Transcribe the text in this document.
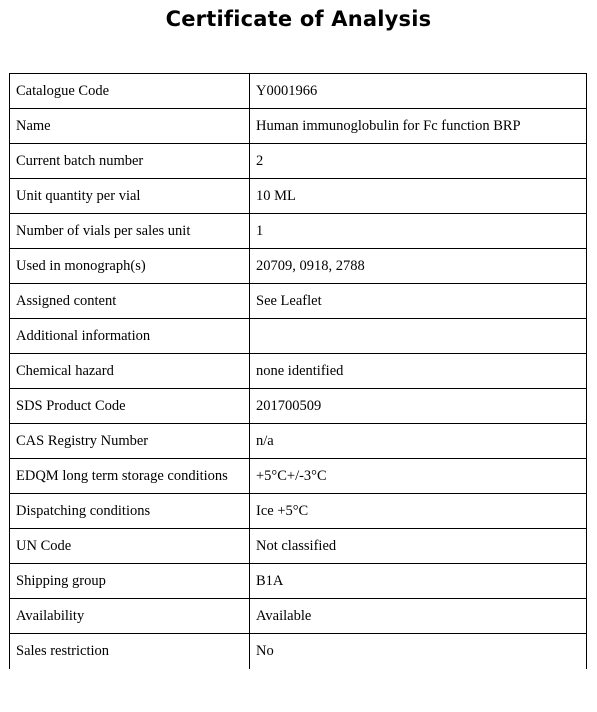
Certificate of Analysis
Catalogue Code	Y0001966
Name	Human immunoglobulin for Fc function BRP
Current batch number	2
Unit quantity per vial	10 ML
Number of vials per sales unit	1
Used in monograph(s)	20709, 0918, 2788
Assigned content	See Leaflet
Additional information	
Chemical hazard	none identified
SDS Product Code	201700509
CAS Registry Number	n/a
EDQM long term storage conditions	+5°C+/-3°C
Dispatching conditions	Ice +5°C
UN Code	Not classified
Shipping group	B1A
Availability	Available
Sales restriction	No
